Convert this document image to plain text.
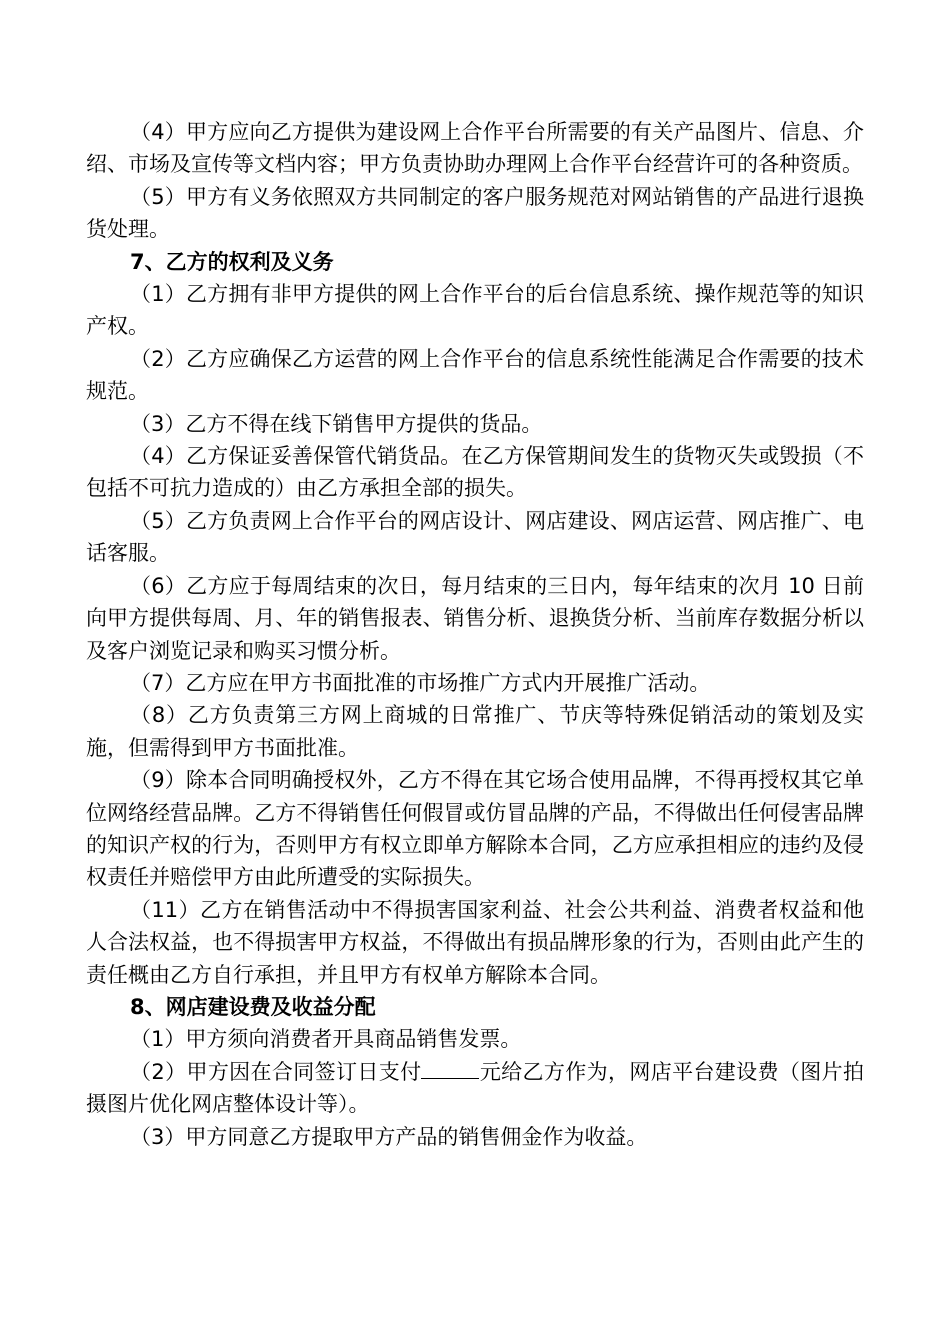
（4）甲方应向乙方提供为建设网上合作平台所需要的有关产品图片、信息、介绍、市场及宣传等文档内容；甲方负责协助办理网上合作平台经营许可的各种资质。

（5）甲方有义务依照双方共同制定的客户服务规范对网站销售的产品进行退换货处理。

7、乙方的权利及义务

（1）乙方拥有非甲方提供的网上合作平台的后台信息系统、操作规范等的知识产权。

（2）乙方应确保乙方运营的网上合作平台的信息系统性能满足合作需要的技术规范。

（3）乙方不得在线下销售甲方提供的货品。

（4）乙方保证妥善保管代销货品。在乙方保管期间发生的货物灭失或毁损（不包括不可抗力造成的）由乙方承担全部的损失。

（5）乙方负责网上合作平台的网店设计、网店建设、网店运营、网店推广、电话客服。

（6）乙方应于每周结束的次日，每月结束的三日内，每年结束的次月 10 日前向甲方提供每周、月、年的销售报表、销售分析、退换货分析、当前库存数据分析以及客户浏览记录和购买习惯分析。

（7）乙方应在甲方书面批准的市场推广方式内开展推广活动。

（8）乙方负责第三方网上商城的日常推广、节庆等特殊促销活动的策划及实施，但需得到甲方书面批准。

（9）除本合同明确授权外，乙方不得在其它场合使用品牌，不得再授权其它单位网络经营品牌。乙方不得销售任何假冒或仿冒品牌的产品，不得做出任何侵害品牌的知识产权的行为，否则甲方有权立即单方解除本合同，乙方应承担相应的违约及侵权责任并赔偿甲方由此所遭受的实际损失。

（11）乙方在销售活动中不得损害国家利益、社会公共利益、消费者权益和他人合法权益，也不得损害甲方权益，不得做出有损品牌形象的行为，否则由此产生的责任概由乙方自行承担，并且甲方有权单方解除本合同。

8、网店建设费及收益分配

（1）甲方须向消费者开具商品销售发票。

（2）甲方因在合同签订日支付	元给乙方作为，网店平台建设费（图片拍摄图片优化网店整体设计等）。

（3）甲方同意乙方提取甲方产品的销售佣金作为收益。
